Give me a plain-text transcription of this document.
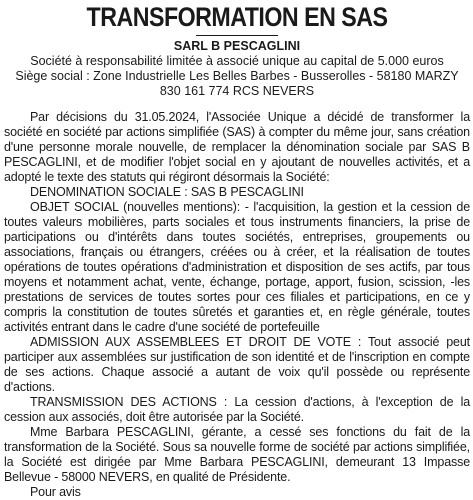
TRANSFORMATION EN SAS
SARL B PESCAGLINI
Société à responsabilité limitée à associé unique au capital de 5.000 euros
Siège social : Zone Industrielle Les Belles Barbes - Busserolles - 58180 MARZY
830 161 774 RCS NEVERS

Par décisions du 31.05.2024, l'Associée Unique a décidé de transformer la société en société par actions simplifiée (SAS) à compter du même jour, sans création d'une personne morale nouvelle, de remplacer la dénomination sociale par SAS B PESCAGLINI, et de modifier l'objet social en y ajoutant de nouvelles activités, et a adopté le texte des statuts qui régiront désormais la Société:

DENOMINATION SOCIALE : SAS B PESCAGLINI

OBJET SOCIAL (nouvelles mentions): - l'acquisition, la gestion et la cession de toutes valeurs mobilières, parts sociales et tous instruments financiers, la prise de participations ou d'intérêts dans toutes sociétés, entreprises, groupements ou associations, français ou étrangers, créées ou à créer, et la réalisation de toutes opérations de toutes opérations d'administration et disposition de ses actifs, par tous moyens et notamment achat, vente, échange, portage, apport, fusion, scission, -les prestations de services de toutes sortes pour ces filiales et participations, en ce y compris la constitution de toutes sûretés et garanties et, en règle générale, toutes activités entrant dans le cadre d'une société de portefeuille

ADMISSION AUX ASSEMBLEES ET DROIT DE VOTE : Tout associé peut participer aux assemblées sur justification de son identité et de l'inscription en compte de ses actions. Chaque associé a autant de voix qu'il possède ou représente d'actions.

TRANSMISSION DES ACTIONS : La cession d'actions, à l'exception de la cession aux associés, doit être autorisée par la Société.

Mme Barbara PESCAGLINI, gérante, a cessé ses fonctions du fait de la transformation de la Société. Sous sa nouvelle forme de société par actions simplifiée, la Société est dirigée par Mme Barbara PESCAGLINI, demeurant 13 Impasse Bellevue - 58000 NEVERS, en qualité de Présidente.

Pour avis
